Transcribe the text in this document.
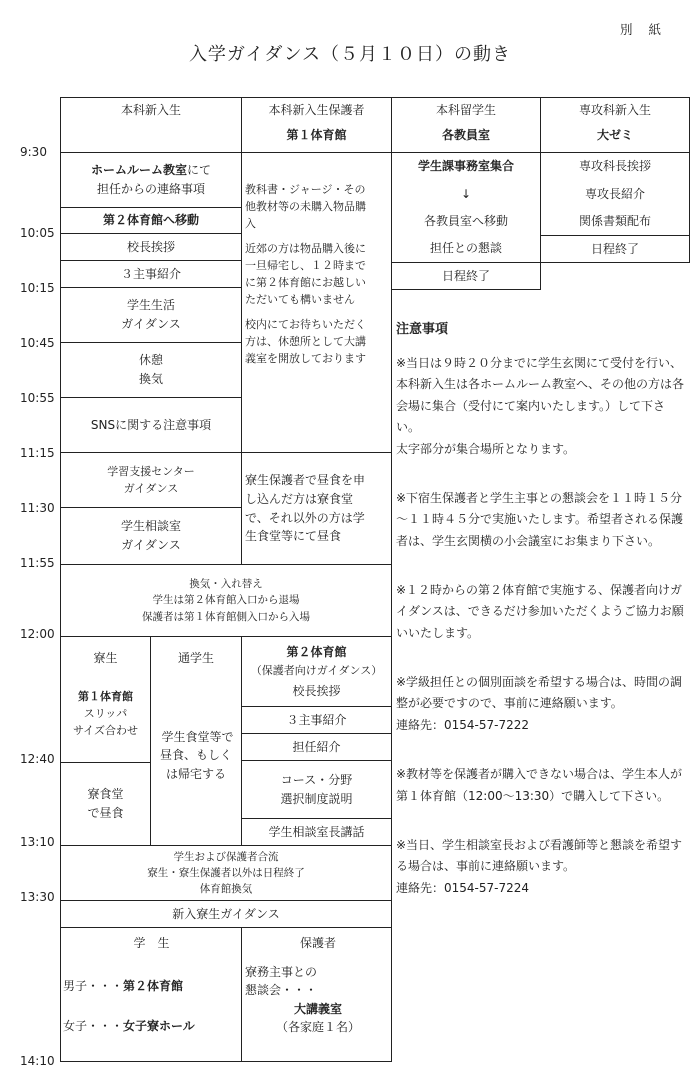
別 紙
入学ガイダンス（５月１０日）の動き
9:30
10:05
10:15
10:45
10:55
11:15
11:30
11:55
12:00
12:40
13:10
13:30
14:10
本科新入生	本科新入生保護者
第１体育館
本科留学生
各教員室
専攻科新入生
大ゼミ
ホームルーム教室にて
担任からの連絡事項
第２体育館へ移動
校長挨拶
３主事紹介
学生生活
ガイダンス
休憩
換気
SNSに関する注意事項
学習支援センター
ガイダンス
学生相談室
ガイダンス
教科書・ジャージ・その
他教材等の未購入物品購
入
近郊の方は物品購入後に
一旦帰宅し、１２時まで
に第２体育館にお越しい
ただいても構いません
校内にてお待ちいただく
方は、休憩所として大講
義室を開放しております
寮生保護者で昼食を申
し込んだ方は寮食堂
で、それ以外の方は学
生食堂等にて昼食
学生課事務室集合
↓
各教員室へ移動
担任との懇談
日程終了
専攻科長挨拶
専攻長紹介
関係書類配布
日程終了
換気・入れ替え
学生は第２体育館入口から退場
保護者は第１体育館側入口から入場
寮生
第１体育館
スリッパ
サイズ合わせ
寮食堂
で昼食
通学生
学生食堂等で
昼食、もしく
は帰宅する
第２体育館
（保護者向けガイダンス）
校長挨拶
３主事紹介
担任紹介
コース・分野
選択制度説明
学生相談室長講話
学生および保護者合流
寮生・寮生保護者以外は日程終了
体育館換気
新入寮生ガイダンス
学　生
男子・・・第２体育館
女子・・・女子寮ホール
保護者
寮務主事との
懇談会・・・
大講義室
（各家庭１名）
注意事項

※当日は９時２０分までに学生玄関にて受付を行い、本科新入生は各ホームルーム教室へ、その他の方は各会場に集合（受付にて案内いたします。）して下さい。

太字部分が集合場所となります。

※下宿生保護者と学生主事との懇談会を１１時１５分～１１時４５分で実施いたします。希望者される保護者は、学生玄関横の小会議室にお集まり下さい。

※１２時からの第２体育館で実施する、保護者向けガイダンスは、できるだけ参加いただくようご協力お願いいたします。

※学級担任との個別面談を希望する場合は、時間の調整が必要ですので、事前に連絡願います。

連絡先：0154-57-7222

※教材等を保護者が購入できない場合は、学生本人が第１体育館（12:00～13:30）で購入して下さい。

※当日、学生相談室長および看護師等と懇談を希望する場合は、事前に連絡願います。

連絡先：0154-57-7224
